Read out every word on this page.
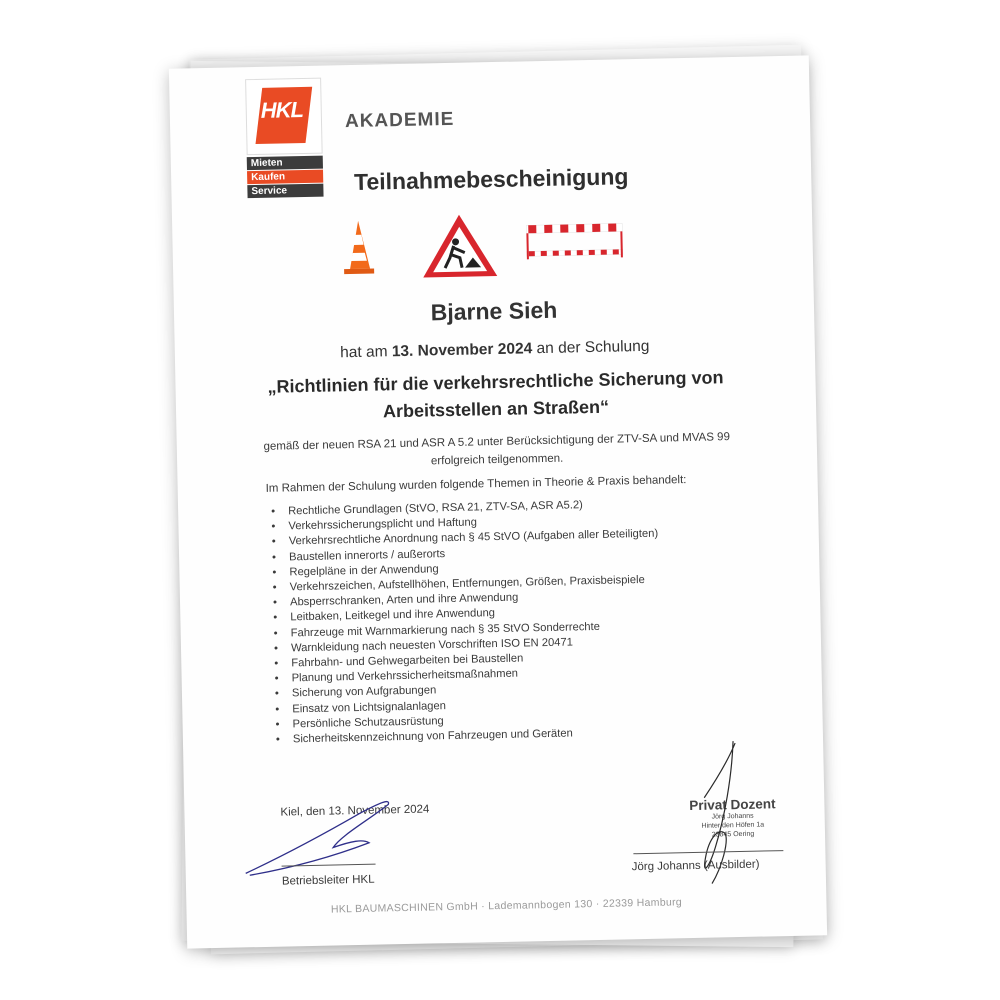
HKL
Mieten
Kaufen
Service
AKADEMIE
Teilnahmebescheinigung
Bjarne Sieh
hat am 13. November 2024 an der Schulung
„Richtlinien für die verkehrsrechtliche Sicherung von
Arbeitsstellen an Straßen“
gemäß der neuen RSA 21 und ASR A 5.2 unter Berücksichtigung der ZTV-SA und MVAS 99
erfolgreich teilgenommen.
Im Rahmen der Schulung wurden folgende Themen in Theorie & Praxis behandelt:
• Rechtliche Grundlagen (StVO, RSA 21, ZTV-SA, ASR A5.2)
• Verkehrssicherungsplicht und Haftung
• Verkehrsrechtliche Anordnung nach § 45 StVO (Aufgaben aller Beteiligten)
• Baustellen innerorts / außerorts
• Regelpläne in der Anwendung
• Verkehrszeichen, Aufstellhöhen, Entfernungen, Größen, Praxisbeispiele
• Absperrschranken, Arten und ihre Anwendung
• Leitbaken, Leitkegel und ihre Anwendung
• Fahrzeuge mit Warnmarkierung nach § 35 StVO Sonderrechte
• Warnkleidung nach neuesten Vorschriften ISO EN 20471
• Fahrbahn- und Gehwegarbeiten bei Baustellen
• Planung und Verkehrssicherheitsmaßnahmen
• Sicherung von Aufgrabungen
• Einsatz von Lichtsignalanlagen
• Persönliche Schutzausrüstung
• Sicherheitskennzeichnung von Fahrzeugen und Geräten
Kiel, den 13. November 2024
Betriebsleiter HKL
Privat Dozent
Jörg Johanns
Hinter den Höfen 1a
23845 Oering
Jörg Johanns (Ausbilder)
HKL BAUMASCHINEN GmbH · Lademannbogen 130 · 22339 Hamburg
